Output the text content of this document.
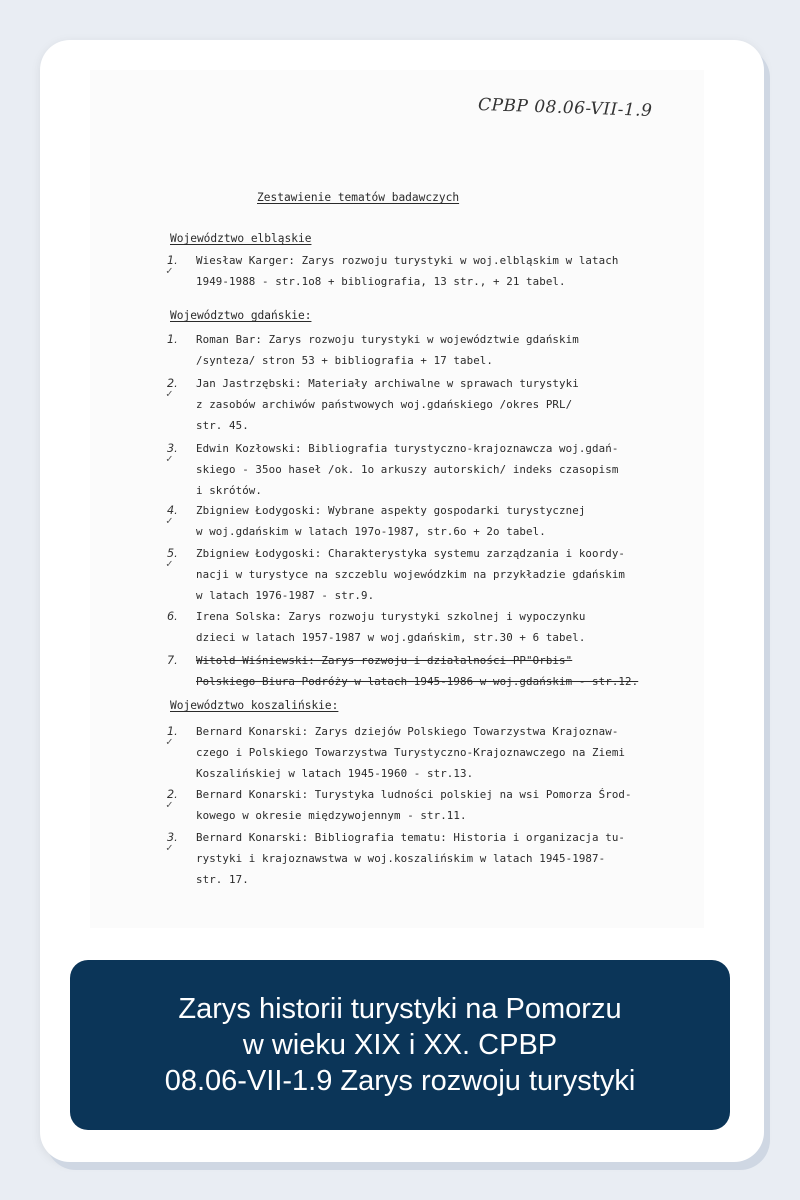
CPBP 08.06-VII-1.9
Zestawienie tematów badawczych
Województwo elbląskie
1.
✓
Wiesław Karger: Zarys rozwoju turystyki w woj.elbląskim w latach
1949-1988 - str.1o8 + bibliografia, 13 str., + 21 tabel.
Województwo gdańskie:
1. Roman Bar: Zarys rozwoju turystyki w województwie gdańskim
/synteza/ stron 53 + bibliografia + 17 tabel.
2.
✓
Jan Jastrzębski: Materiały archiwalne w sprawach turystyki
z zasobów archiwów państwowych woj.gdańskiego /okres PRL/
str. 45.
3.
✓
Edwin Kozłowski: Bibliografia turystyczno-krajoznawcza woj.gdań-
skiego - 35oo haseł /ok. 1o arkuszy autorskich/ indeks czasopism
i skrótów.
4.
✓
Zbigniew Łodygoski: Wybrane aspekty gospodarki turystycznej
w woj.gdańskim w latach 197o-1987, str.6o + 2o tabel.
5.
✓
Zbigniew Łodygoski: Charakterystyka systemu zarządzania i koordy-
nacji w turystyce na szczeblu wojewódzkim na przykładzie gdańskim
w latach 1976-1987 - str.9.
6. Irena Solska: Zarys rozwoju turystyki szkolnej i wypoczynku
dzieci w latach 1957-1987 w woj.gdańskim, str.30 + 6 tabel.
7. Witold Wiśniewski: Zarys rozwoju i działalności PP"Orbis"
Polskiego Biura Podróży w latach 1945-1986 w woj.gdańskim - str.12.
Województwo koszalińskie:
1.
✓
Bernard Konarski: Zarys dziejów Polskiego Towarzystwa Krajoznaw-
czego i Polskiego Towarzystwa Turystyczno-Krajoznawczego na Ziemi
Koszalińskiej w latach 1945-1960 - str.13.
2.
✓
Bernard Konarski: Turystyka ludności polskiej na wsi Pomorza Środ-
kowego w okresie międzywojennym - str.11.
3.
✓
Bernard Konarski: Bibliografia tematu: Historia i organizacja tu-
rystyki i krajoznawstwa w woj.koszalińskim w latach 1945-1987-
str. 17.
Zarys historii turystyki na Pomorzu
w wieku XIX i XX. CPBP
08.06-VII-1.9 Zarys rozwoju turystyki
